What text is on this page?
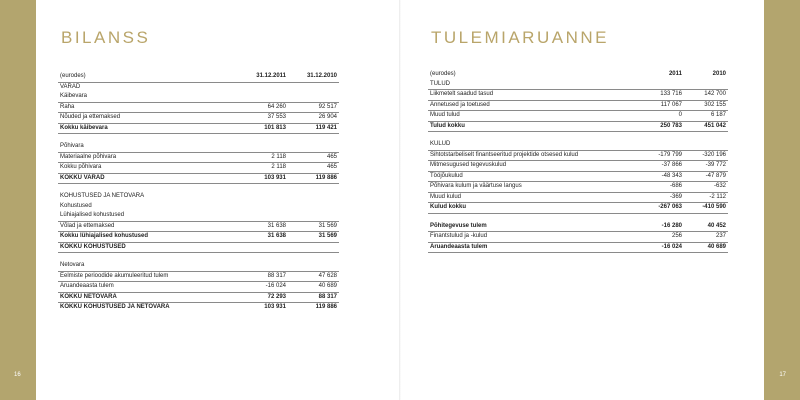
16	17
BILANSS	TULEMIARUANNE
(eurodes)	31.12.2011	31.12.2010
VARAD		
Käibevara		
Raha	64 260	92 517
Nõuded ja ettemaksed	37 553	26 904
Kokku käibevara	101 813	119 421

Põhivara		
Materiaalne põhivara	2 118	465
Kokku põhivara	2 118	465
KOKKU VARAD	103 931	119 886

KOHUSTUSED JA NETOVARA		
Kohustused		
Lühiajalised kohustused		
Võlad ja ettemaksed	31 638	31 569
Kokku lühiajalised kohustused	31 638	31 569
KOKKU KOHUSTUSED		

Netovara		
Eelmiste perioodide akumuleeritud tulem	88 317	47 628
Aruandeaasta tulem	-16 024	40 689
KOKKU NETOVARA	72 293	88 317
KOKKU KOHUSTUSED JA NETOVARA	103 931	119 886
(eurodes)	2011	2010
TULUD		
Liikmetelt saadud tasud	133 716	142 700
Annetused ja toetused	117 067	302 155
Muud tulud	0	6 187
Tulud kokku	250 783	451 042

KULUD		
Sihtotstarbeliselt finantseeritud projektide otsesed kulud	-179 799	-320 196
Mitmesugused tegevuskulud	-37 866	-39 772
Tööjõukulud	-48 343	-47 879
Põhivara kulum ja väärtuse langus	-686	-632
Muud kulud	-369	-2 112
Kulud kokku	-267 063	-410 590

Põhitegevuse tulem	-16 280	40 452
Finantstulud ja -kulud	256	237
Aruandeaasta tulem	-16 024	40 689
